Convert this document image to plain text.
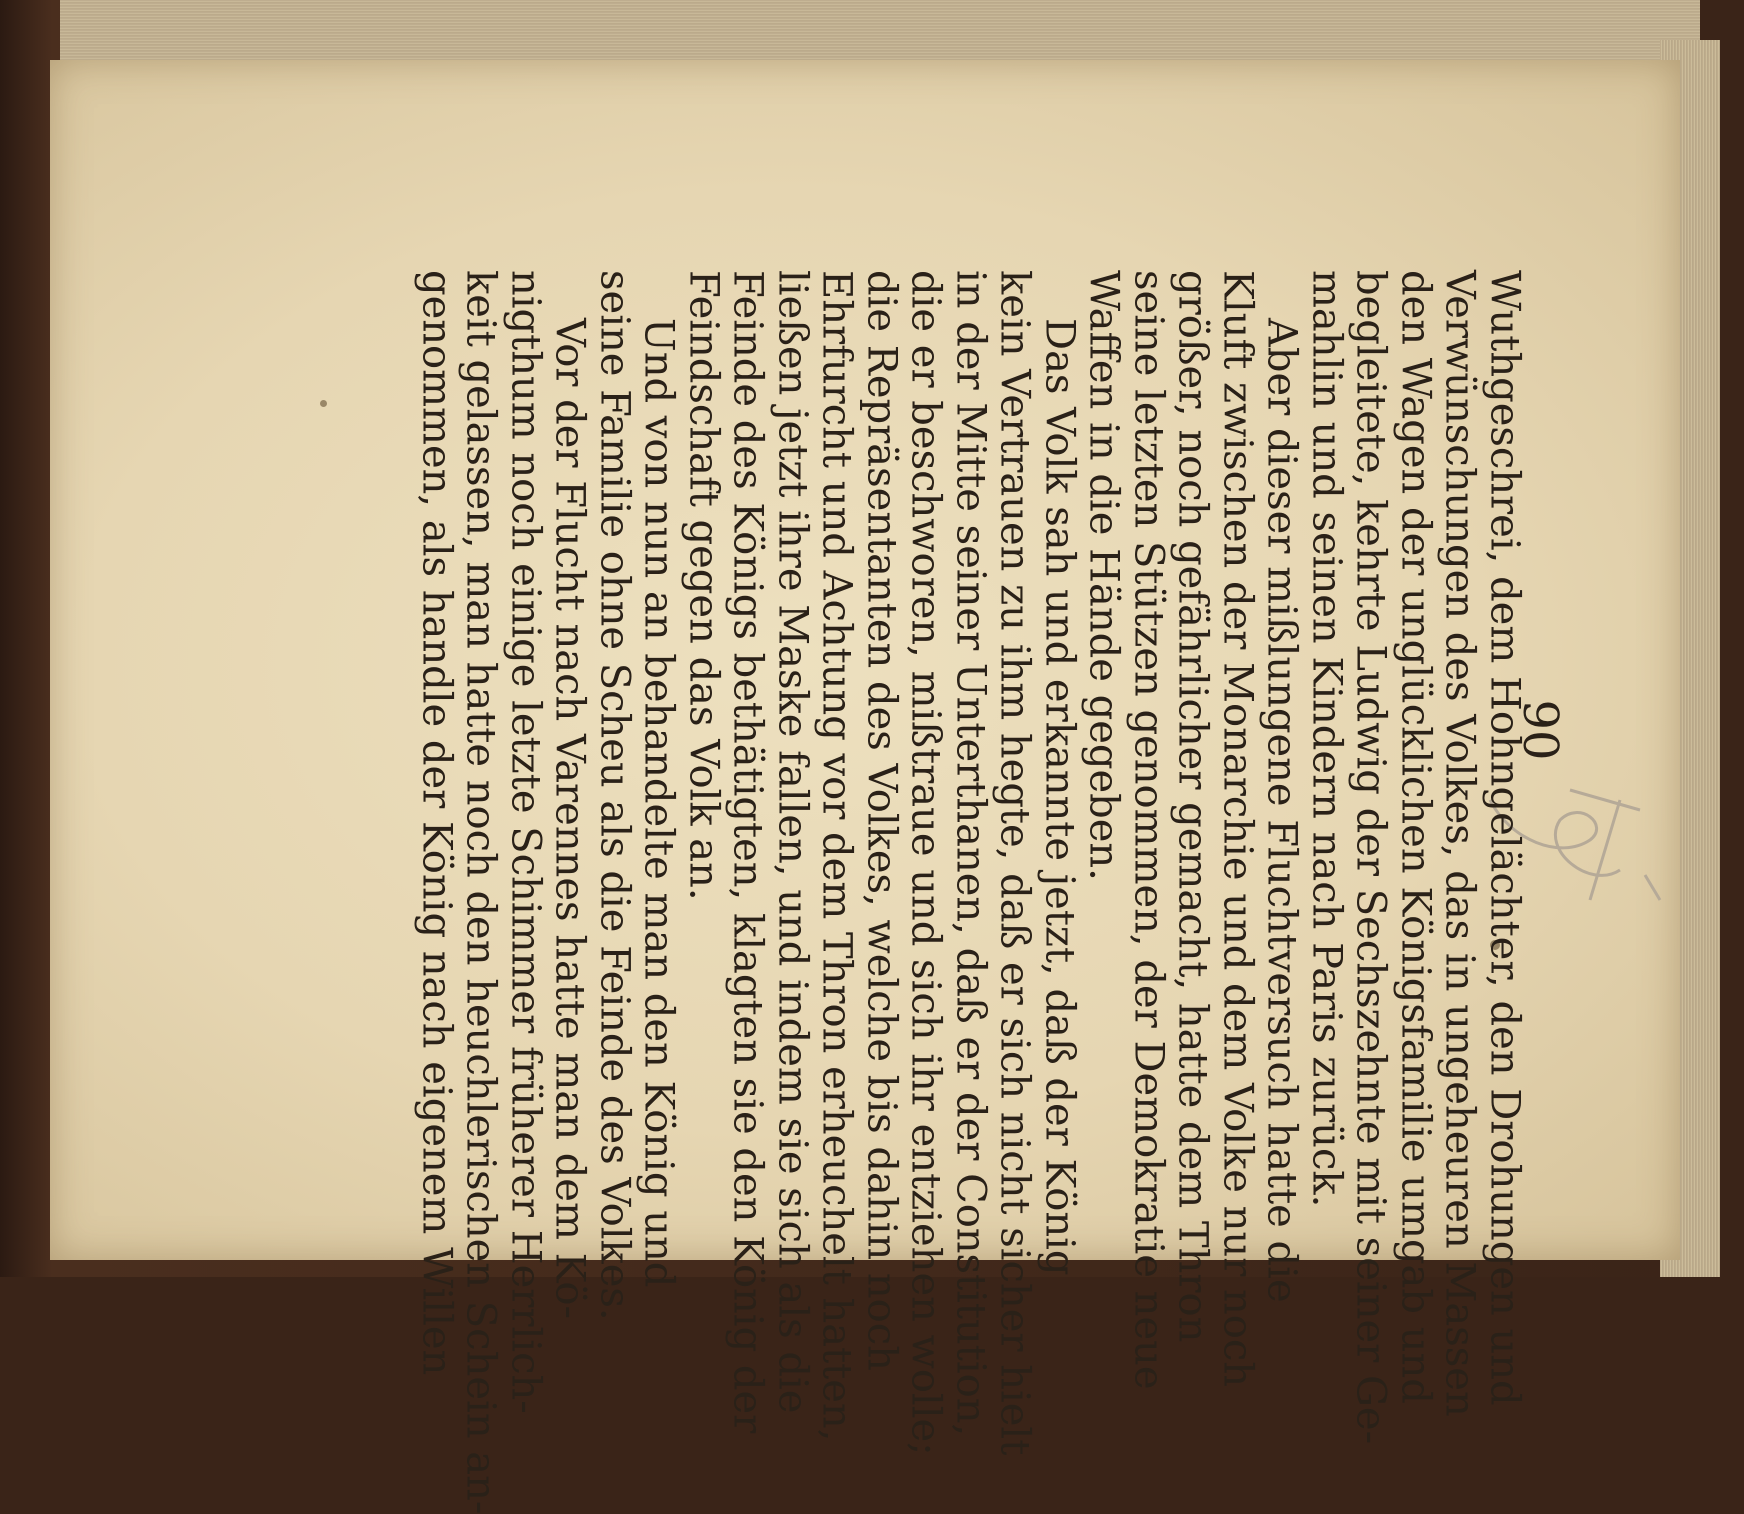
90
Wuthgeschrei, dem Hohngelächter, den Drohungen und
Verwünschungen des Volkes, das in ungeheuren Massen
den Wagen der unglücklichen Königsfamilie umgab und
begleitete, kehrte Ludwig der Sechszehnte mit seiner Ge-
mahlin und seinen Kindern nach Paris zurück.
Aber dieser mißlungene Fluchtversuch hatte die
Kluft zwischen der Monarchie und dem Volke nur noch
größer, noch gefährlicher gemacht, hatte dem Thron
seine letzten Stützen genommen, der Demokratie neue
Waffen in die Hände gegeben.
Das Volk sah und erkannte jetzt, daß der König
kein Vertrauen zu ihm hegte, daß er sich nicht sicher hielt
in der Mitte seiner Unterthanen, daß er der Constitution,
die er beschworen, mißtraue und sich ihr entziehen wolle;
die Repräsentanten des Volkes, welche bis dahin noch
Ehrfurcht und Achtung vor dem Thron erheuchelt hatten,
ließen jetzt ihre Maske fallen, und indem sie sich als die
Feinde des Königs bethätigten, klagten sie den König der
Feindschaft gegen das Volk an.
Und von nun an behandelte man den König und
seine Familie ohne Scheu als die Feinde des Volkes.
Vor der Flucht nach Varennes hatte man dem Kö-
nigthum noch einige letzte Schimmer früherer Herrlich-
keit gelassen, man hatte noch den heuchlerischen Schein an-
genommen, als handle der König nach eigenem Willen
